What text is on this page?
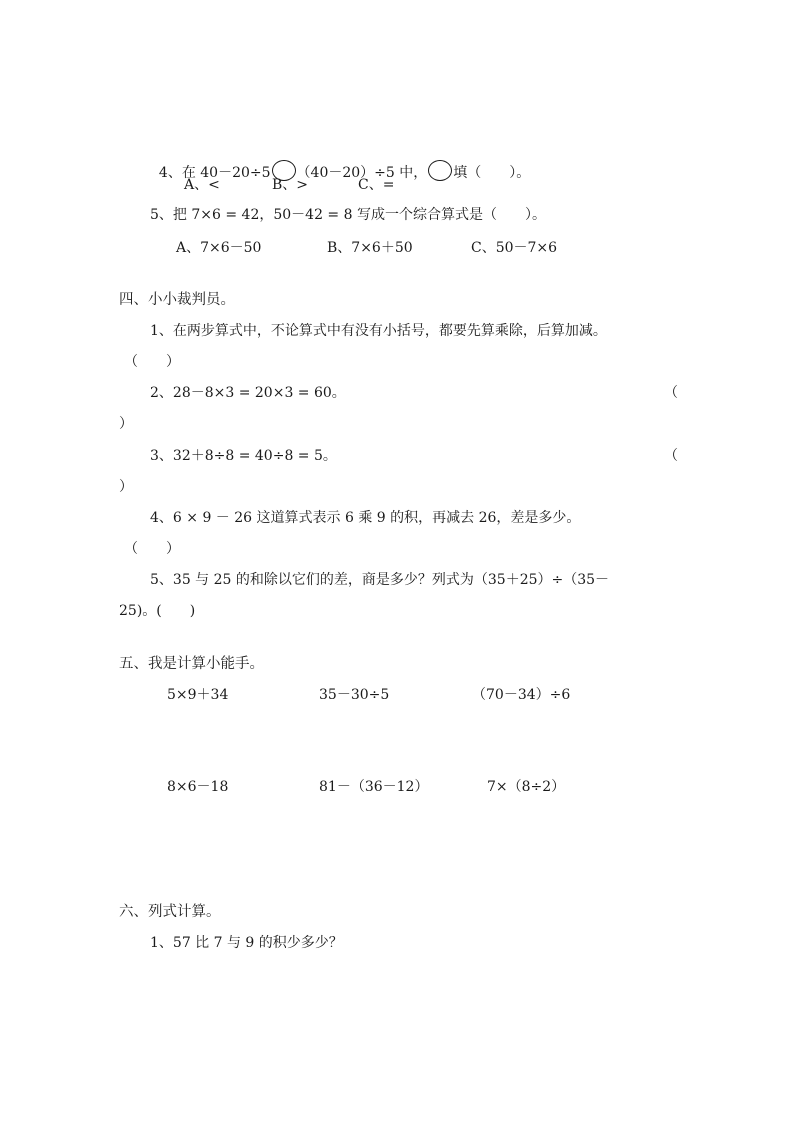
4、在 40－20÷5 （40－20）÷5 中， 填（　　）。

A、<	B、>	C、=
5、把 7×6 = 42，50－42 = 8 写成一个综合算式是（　　）。
A、7×6－50	B、7×6＋50	C、50－7×6
四、小小裁判员。
1、在两步算式中，不论算式中有没有小括号，都要先算乘除，后算加减。
（　　）
2、28－8×3 = 20×3 = 60。	（
）
3、32＋8÷8 = 40÷8 = 5。	（
）
4、6 × 9 － 26 这道算式表示 6 乘 9 的积，再减去 26，差是多少。
（　　）
5、35 与 25 的和除以它们的差，商是多少？列式为（35＋25）÷（35－
25)。(　　)
五、我是计算小能手。
5×9＋34	35－30÷5	（70－34）÷6
8×6－18	81－（36－12）	7×（8÷2）
六、列式计算。
1、57 比 7 与 9 的积少多少？
